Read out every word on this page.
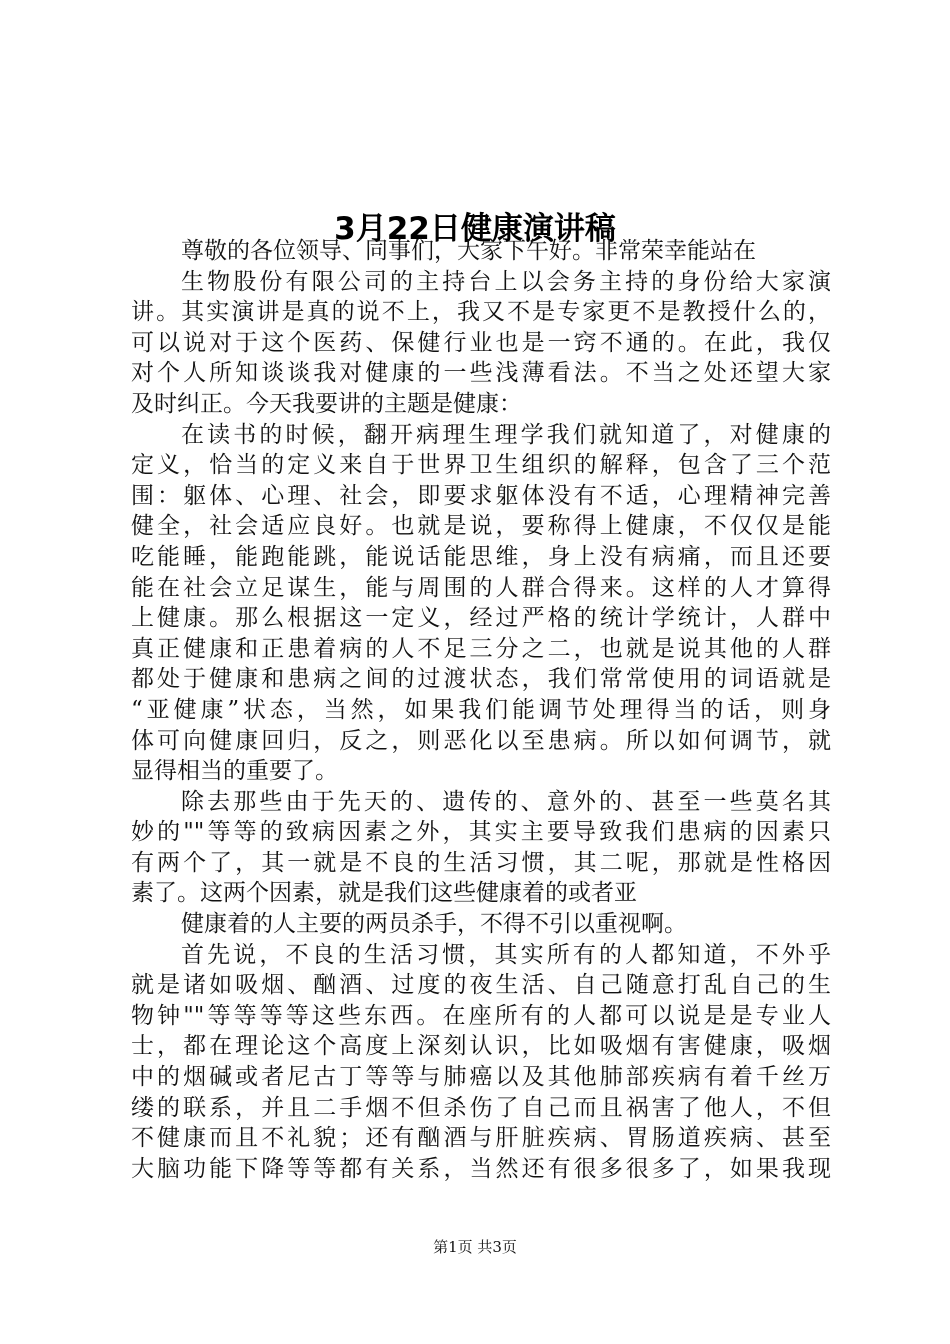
3月22日健康演讲稿
尊敬的各位领导、同事们，大家下午好。非常荣幸能站在
生物股份有限公司的主持台上以会务主持的身份给大家演
讲。其实演讲是真的说不上，我又不是专家更不是教授什么的，
可以说对于这个医药、保健行业也是一窍不通的。在此，我仅
对个人所知谈谈我对健康的一些浅薄看法。不当之处还望大家
及时纠正。今天我要讲的主题是健康：
在读书的时候，翻开病理生理学我们就知道了，对健康的
定义，恰当的定义来自于世界卫生组织的解释，包含了三个范
围：躯体、心理、社会，即要求躯体没有不适，心理精神完善
健全，社会适应良好。也就是说，要称得上健康，不仅仅是能
吃能睡，能跑能跳，能说话能思维，身上没有病痛，而且还要
能在社会立足谋生，能与周围的人群合得来。这样的人才算得
上健康。那么根据这一定义，经过严格的统计学统计，人群中
真正健康和正患着病的人不足三分之二，也就是说其他的人群
都处于健康和患病之间的过渡状态，我们常常使用的词语就是
“亚健康”状态，当然，如果我们能调节处理得当的话，则身
体可向健康回归，反之，则恶化以至患病。所以如何调节，就
显得相当的重要了。
除去那些由于先天的、遗传的、意外的、甚至一些莫名其
妙的""等等的致病因素之外，其实主要导致我们患病的因素只
有两个了，其一就是不良的生活习惯，其二呢，那就是性格因
素了。这两个因素，就是我们这些健康着的或者亚
健康着的人主要的两员杀手，不得不引以重视啊。
首先说，不良的生活习惯，其实所有的人都知道，不外乎
就是诸如吸烟、酗酒、过度的夜生活、自己随意打乱自己的生
物钟""等等等等这些东西。在座所有的人都可以说是是专业人
士，都在理论这个高度上深刻认识，比如吸烟有害健康，吸烟
中的烟碱或者尼古丁等等与肺癌以及其他肺部疾病有着千丝万
缕的联系，并且二手烟不但杀伤了自己而且祸害了他人，不但
不健康而且不礼貌；还有酗酒与肝脏疾病、胃肠道疾病、甚至
大脑功能下降等等都有关系，当然还有很多很多了，如果我现
第1页 共3页
